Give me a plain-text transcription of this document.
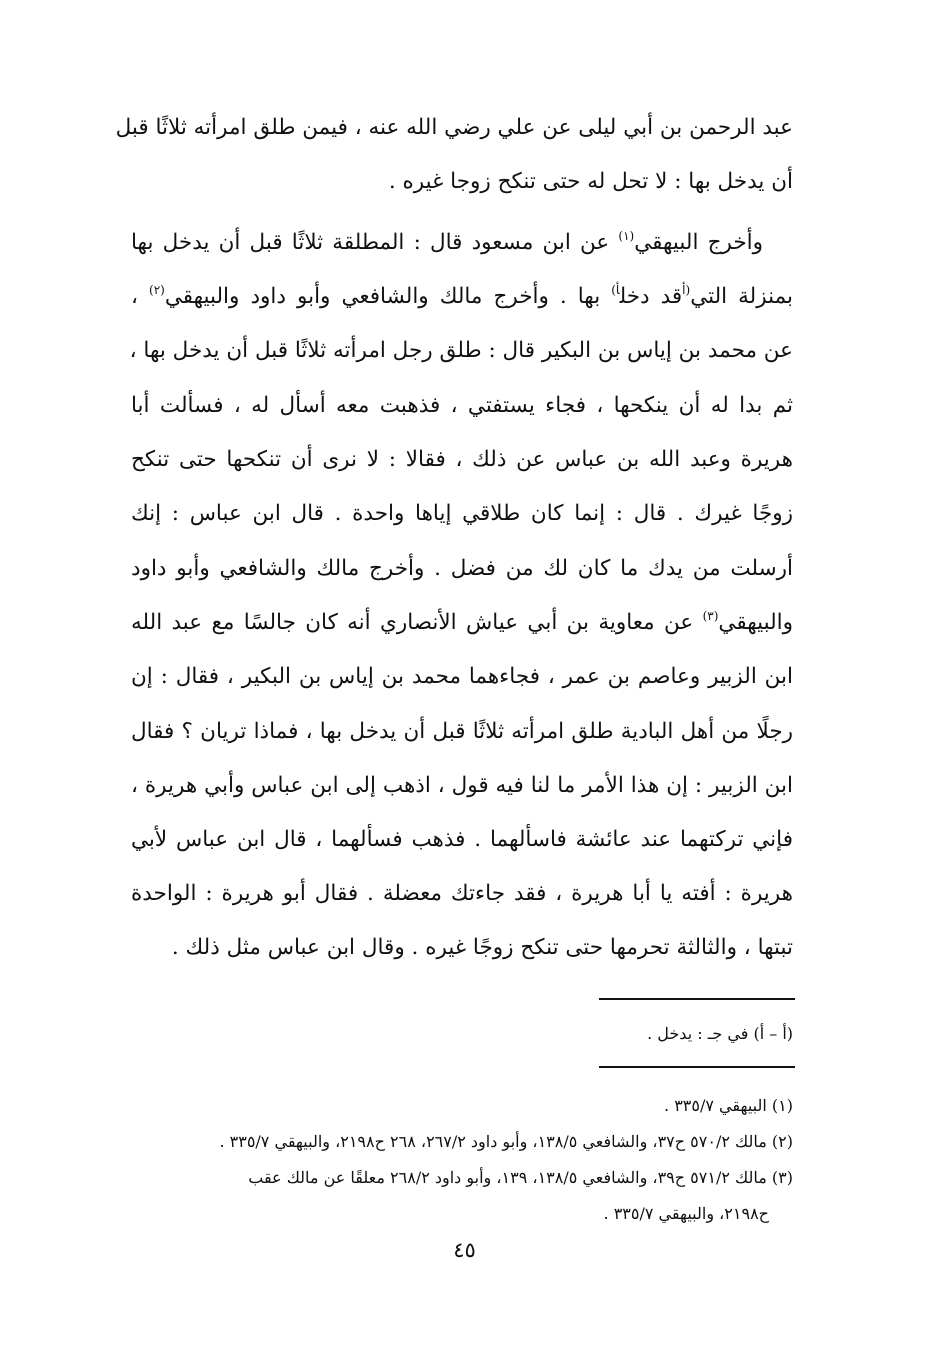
عبد الرحمن بن أبي ليلى عن علي رضي الله عنه ، فيمن طلق امرأته ثلاثًا قبل
أن يدخل بها : لا تحل له حتى تنكح زوجا غيره .
وأخرج البيهقي$^{(١)}$ عن ابن مسعود قال : المطلقة ثلاثًا قبل أن يدخل بها
بمنزلة التي$^{(أ}$قد دخل$^{أ)}$ بها . وأخرج مالك والشافعي وأبو داود والبيهقي$^{(٢)}$ ،
عن محمد بن إياس بن البكير قال : طلق رجل امرأته ثلاثًا قبل أن يدخل بها ،
ثم بدا له أن ينكحها ، فجاء يستفتي ، فذهبت معه أسأل له ، فسألت أبا
هريرة وعبد الله بن عباس عن ذلك ، فقالا : لا نرى أن تنكحها حتى تنكح
زوجًا غيرك . قال : إنما كان طلاقي إياها واحدة . قال ابن عباس : إنك
أرسلت من يدك ما كان لك من فضل . وأخرج مالك والشافعي وأبو داود
والبيهقي$^{(٣)}$ عن معاوية بن أبي عياش الأنصاري أنه كان جالسًا مع عبد الله
ابن الزبير وعاصم بن عمر ، فجاءهما محمد بن إياس بن البكير ، فقال : إن
رجلًا من أهل البادية طلق امرأته ثلاثًا قبل أن يدخل بها ، فماذا تريان ؟ فقال
ابن الزبير : إن هذا الأمر ما لنا فيه قول ، اذهب إلى ابن عباس وأبي هريرة ،
فإني تركتهما عند عائشة فاسألهما . فذهب فسألهما ، قال ابن عباس لأبي
هريرة : أفته يا أبا هريرة ، فقد جاءتك معضلة . فقال أبو هريرة : الواحدة
تبتها ، والثالثة تحرمها حتى تنكح زوجًا غيره . وقال ابن عباس مثل ذلك .
(أ – أ) في جـ : يدخل .
(١) البيهقي ٣٣٥/٧ .
(٢) مالك ٥٧٠/٢ ح٣٧، والشافعي ١٣٨/٥، وأبو داود ٢٦٧/٢، ٢٦٨ ح٢١٩٨، والبيهقي ٣٣٥/٧ .
(٣) مالك ٥٧١/٢ ح٣٩، والشافعي ١٣٨/٥، ١٣٩، وأبو داود ٢٦٨/٢ معلقًا عن مالك عقب
ح٢١٩٨، والبيهقي ٣٣٥/٧ .
٤٥
